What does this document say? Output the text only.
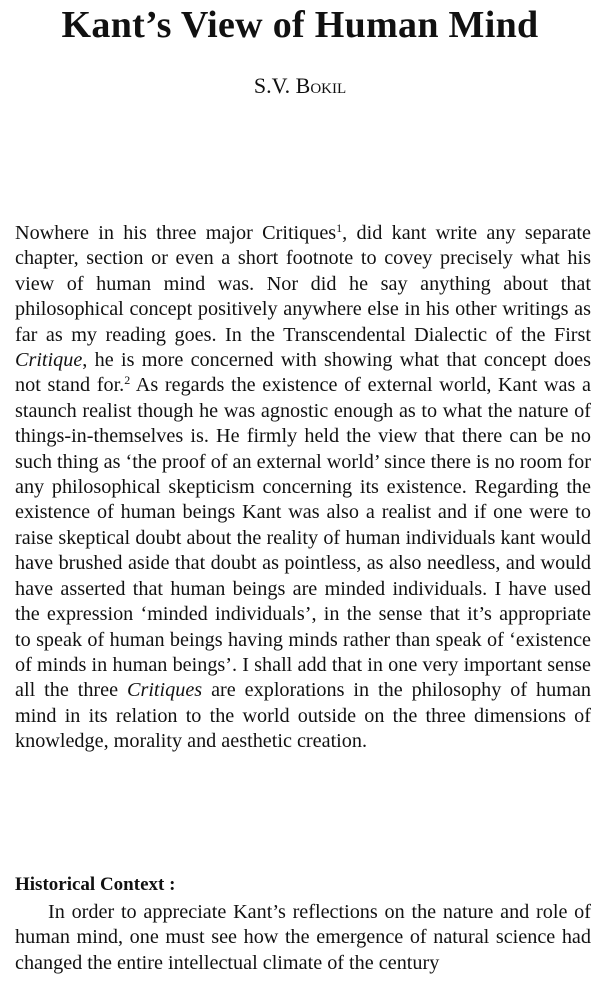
Kant’s View of Human Mind

S.V. Bokil

Nowhere in his three major Critiques$^1$, did kant write any separate chapter, section or even a short footnote to covey precisely what his view of human mind was. Nor did he say anything about that philosophical concept positively anywhere else in his other writings as far as my reading goes. In the Transcendental Dialectic of the First Critique, he is more concerned with showing what that concept does not stand for.$^2$ As regards the existence of external world, Kant was a staunch realist though he was agnostic enough as to what the nature of things-in-themselves is. He firmly held the view that there can be no such thing as ‘the proof of an external world’ since there is no room for any philosophical skepticism concerning its existence. Regarding the existence of human beings Kant was also a realist and if one were to raise skeptical doubt about the reality of human individuals kant would have brushed aside that doubt as pointless, as also needless, and would have asserted that human beings are minded individuals. I have used the expression ‘minded individuals’, in the sense that it’s appropriate to speak of human beings having minds rather than speak of ‘existence of minds in human beings’. I shall add that in one very important sense all the three Critiques are explorations in the philosophy of human mind in its relation to the world outside on the three dimensions of knowledge, morality and aesthetic creation.

Historical Context :

In order to appreciate Kant’s reflections on the nature and role of human mind, one must see how the emergence of natural science had changed the entire intellectual climate of the century
